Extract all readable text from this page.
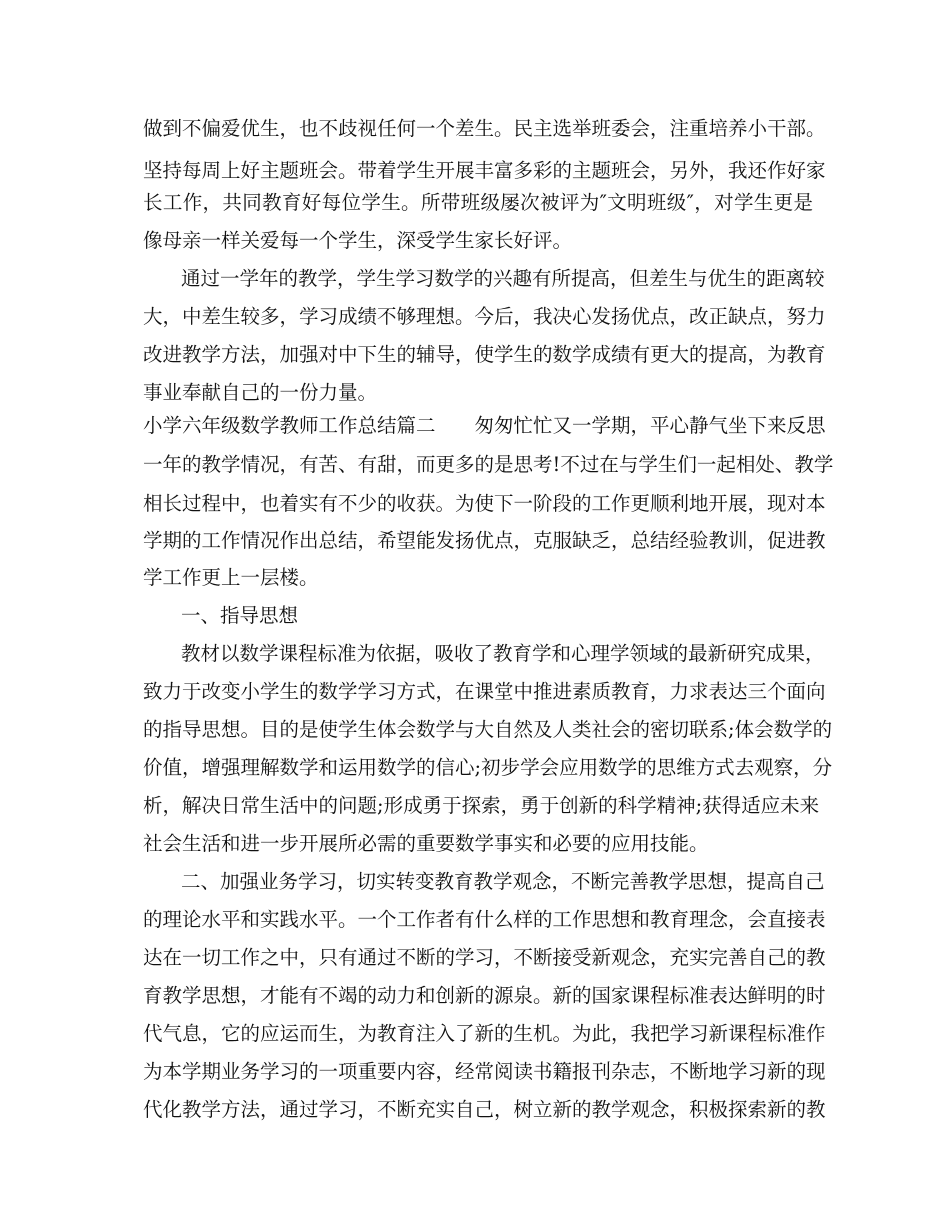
做到不偏爱优生，也不歧视任何一个差生。民主选举班委会，注重培养小干部。
坚持每周上好主题班会。带着学生开展丰富多彩的主题班会，另外，我还作好家
长工作，共同教育好每位学生。所带班级屡次被评为″文明班级″，对学生更是
像母亲一样关爱每一个学生，深受学生家长好评。
通过一学年的教学，学生学习数学的兴趣有所提高，但差生与优生的距离较
大，中差生较多，学习成绩不够理想。今后，我决心发扬优点，改正缺点，努力
改进教学方法，加强对中下生的辅导，使学生的数学成绩有更大的提高，为教育
事业奉献自己的一份力量。
小学六年级数学教师工作总结篇二　　匆匆忙忙又一学期，平心静气坐下来反思
一年的教学情况，有苦、有甜，而更多的是思考!不过在与学生们一起相处、教学
相长过程中，也着实有不少的收获。为使下一阶段的工作更顺利地开展，现对本
学期的工作情况作出总结，希望能发扬优点，克服缺乏，总结经验教训，促进教
学工作更上一层楼。
一、指导思想
教材以数学课程标准为依据，吸收了教育学和心理学领域的最新研究成果，
致力于改变小学生的数学学习方式，在课堂中推进素质教育，力求表达三个面向
的指导思想。目的是使学生体会数学与大自然及人类社会的密切联系;体会数学的
价值，增强理解数学和运用数学的信心;初步学会应用数学的思维方式去观察，分
析，解决日常生活中的问题;形成勇于探索，勇于创新的科学精神;获得适应未来
社会生活和进一步开展所必需的重要数学事实和必要的应用技能。
二、加强业务学习，切实转变教育教学观念，不断完善教学思想，提高自己
的理论水平和实践水平。一个工作者有什么样的工作思想和教育理念，会直接表
达在一切工作之中，只有通过不断的学习，不断接受新观念，充实完善自己的教
育教学思想，才能有不竭的动力和创新的源泉。新的国家课程标准表达鲜明的时
代气息，它的应运而生，为教育注入了新的生机。为此，我把学习新课程标准作
为本学期业务学习的一项重要内容，经常阅读书籍报刊杂志，不断地学习新的现
代化教学方法，通过学习，不断充实自己，树立新的教学观念，积极探索新的教
